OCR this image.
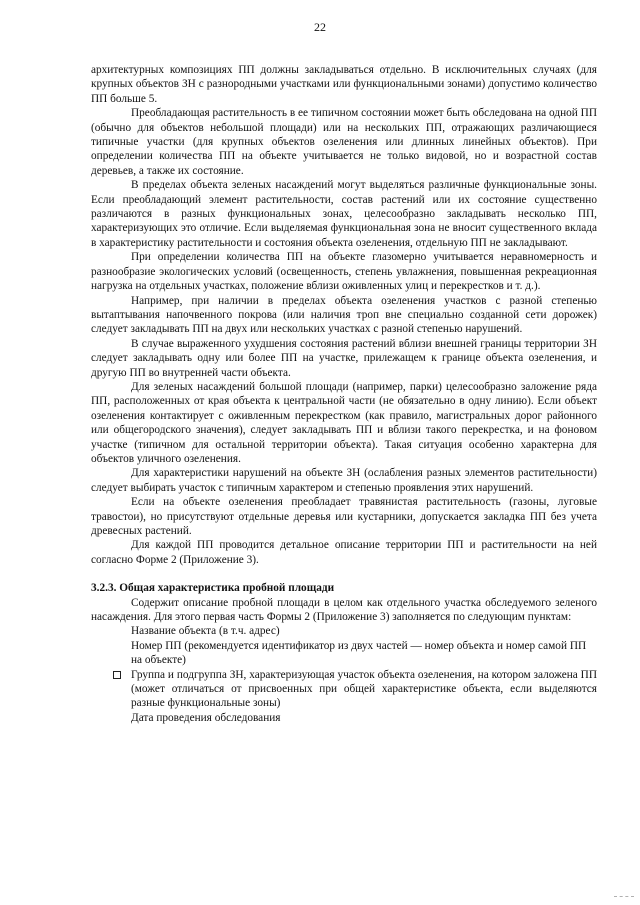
22

архитектурных композициях ПП должны закладываться отдельно. В исключительных случаях (для крупных объектов ЗН с разнородными участками или функциональными зонами) допустимо количество ПП больше 5.

Преобладающая растительность в ее типичном состоянии может быть обследована на одной ПП (обычно для объектов небольшой площади) или на нескольких ПП, отражающих различающиеся типичные участки (для крупных объектов озеленения или длинных линейных объектов). При определении количества ПП на объекте учитывается не только видовой, но и возрастной состав деревьев, а также их состояние.

В пределах объекта зеленых насаждений могут выделяться различные функциональные зоны. Если преобладающий элемент растительности, состав растений или их состояние существенно различаются в разных функциональных зонах, целесообразно закладывать несколько ПП, характеризующих это отличие. Если выделяемая функциональная зона не вносит существенного вклада в характеристику растительности и состояния объекта озеленения, отдельную ПП не закладывают.

При определении количества ПП на объекте глазомерно учитывается неравномерность и разнообразие экологических условий (освещенность, степень увлажнения, повышенная рекреационная нагрузка на отдельных участках, положение вблизи оживленных улиц и перекрестков и т. д.).

Например, при наличии в пределах объекта озеленения участков с разной степенью вытаптывания напочвенного покрова (или наличия троп вне специально созданной сети дорожек) следует закладывать ПП на двух или нескольких участках с разной степенью нарушений.

В случае выраженного ухудшения состояния растений вблизи внешней границы территории ЗН следует закладывать одну или более ПП на участке, прилежащем к границе объекта озеленения, и другую ПП во внутренней части объекта.

Для зеленых насаждений большой площади (например, парки) целесообразно заложение ряда ПП, расположенных от края объекта к центральной части (не обязательно в одну линию). Если объект озеленения контактирует с оживленным перекрестком (как правило, магистральных дорог районного или общегородского значения), следует закладывать ПП и вблизи такого перекрестка, и на фоновом участке (типичном для остальной территории объекта). Такая ситуация особенно характерна для объектов уличного озеленения.

Для характеристики нарушений на объекте ЗН (ослабления разных элементов растительности) следует выбирать участок с типичным характером и степенью проявления этих нарушений.

Если на объекте озеленения преобладает травянистая растительность (газоны, луговые травостои), но присутствуют отдельные деревья или кустарники, допускается закладка ПП без учета древесных растений.

Для каждой ПП проводится детальное описание территории ПП и растительности на ней согласно Форме 2 (Приложение 3).

3.2.3. Общая характеристика пробной площади

Содержит описание пробной площади в целом как отдельного участка обследуемого зеленого насаждения. Для этого первая часть Формы 2 (Приложение 3) заполняется по следующим пунктам:

Название объекта (в т.ч. адрес)

Номер ПП (рекомендуется идентификатор из двух частей — номер объекта и номер самой ПП на объекте)

Группа и подгруппа ЗН, характеризующая участок объекта озеленения, на котором заложена ПП (может отличаться от присвоенных при общей характеристике объекта, если выделяются разные функциональные зоны)

Дата проведения обследования
